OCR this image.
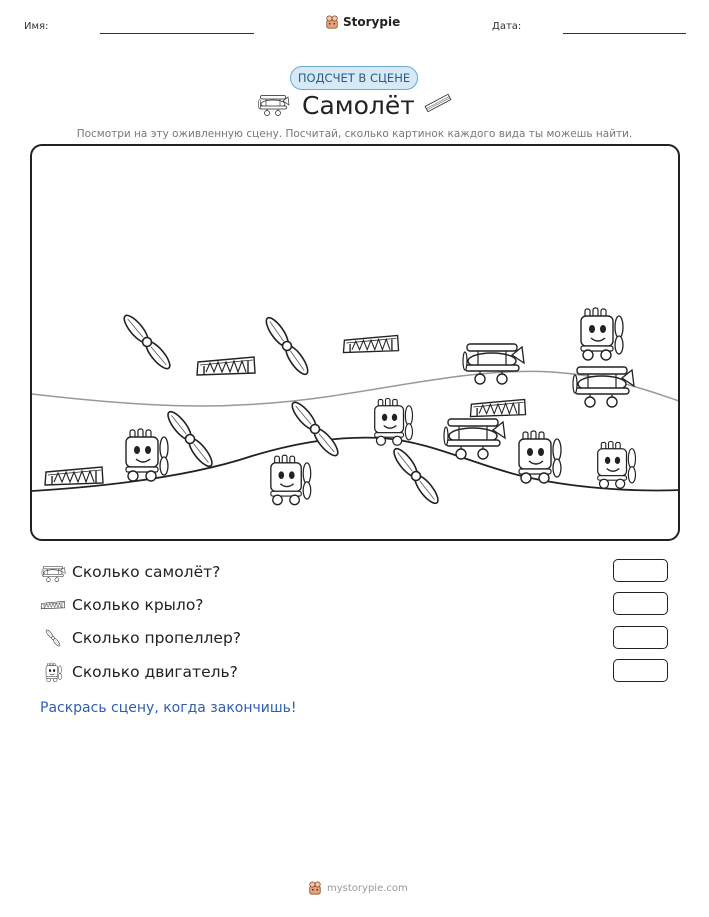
Имя:	Storypie	Дата:
ПОДСЧЕТ В СЦЕНЕ
Самолёт
Посмотри на эту оживленную сцену. Посчитай, сколько картинок каждого вида ты можешь найти.
Сколько самолёт?
Сколько крыло?
Сколько пропеллер?
Сколько двигатель?
Раскрась сцену, когда закончишь!
mystorypie.com
